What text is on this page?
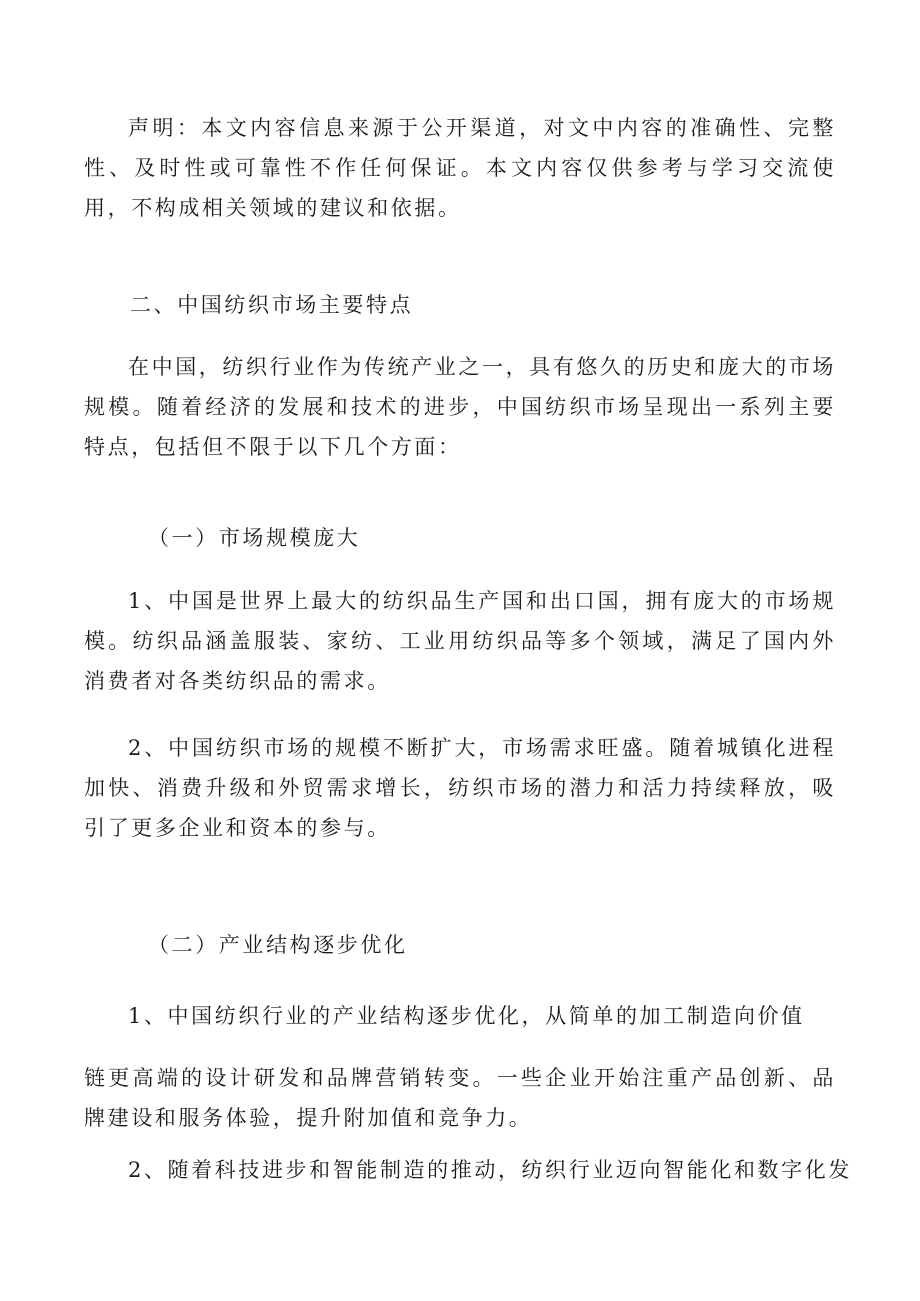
声明：本文内容信息来源于公开渠道，对文中内容的准确性、完整性、及时性或可靠性不作任何保证。本文内容仅供参考与学习交流使用，不构成相关领域的建议和依据。

二、中国纺织市场主要特点

在中国，纺织行业作为传统产业之一，具有悠久的历史和庞大的市场规模。随着经济的发展和技术的进步，中国纺织市场呈现出一系列主要特点，包括但不限于以下几个方面：

（一）市场规模庞大

1、中国是世界上最大的纺织品生产国和出口国，拥有庞大的市场规模。纺织品涵盖服装、家纺、工业用纺织品等多个领域，满足了国内外消费者对各类纺织品的需求。

2、中国纺织市场的规模不断扩大，市场需求旺盛。随着城镇化进程加快、消费升级和外贸需求增长，纺织市场的潜力和活力持续释放，吸引了更多企业和资本的参与。

（二）产业结构逐步优化

1、中国纺织行业的产业结构逐步优化，从简单的加工制造向价值

链更高端的设计研发和品牌营销转变。一些企业开始注重产品创新、品牌建设和服务体验，提升附加值和竞争力。

2、随着科技进步和智能制造的推动，纺织行业迈向智能化和数字化发
